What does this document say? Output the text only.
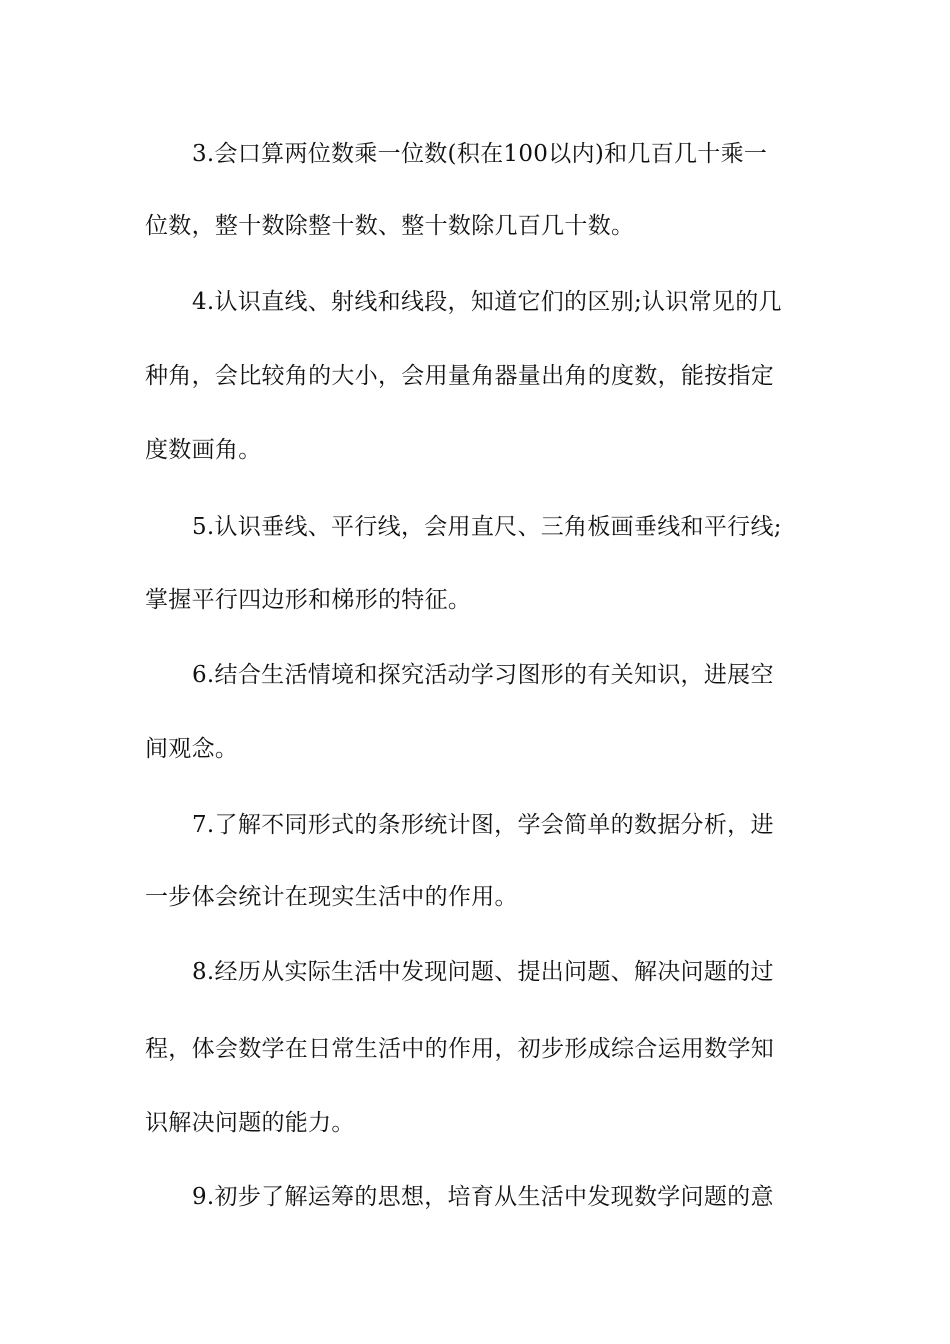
3.会口算两位数乘一位数(积在100以内)和几百几十乘一
位数，整十数除整十数、整十数除几百几十数。
4.认识直线、射线和线段，知道它们的区别;认识常见的几
种角，会比较角的大小，会用量角器量出角的度数，能按指定
度数画角。
5.认识垂线、平行线，会用直尺、三角板画垂线和平行线;
掌握平行四边形和梯形的特征。
6.结合生活情境和探究活动学习图形的有关知识，进展空
间观念。
7.了解不同形式的条形统计图，学会简单的数据分析，进
一步体会统计在现实生活中的作用。
8.经历从实际生活中发现问题、提出问题、解决问题的过
程，体会数学在日常生活中的作用，初步形成综合运用数学知
识解决问题的能力。
9.初步了解运筹的思想，培育从生活中发现数学问题的意
